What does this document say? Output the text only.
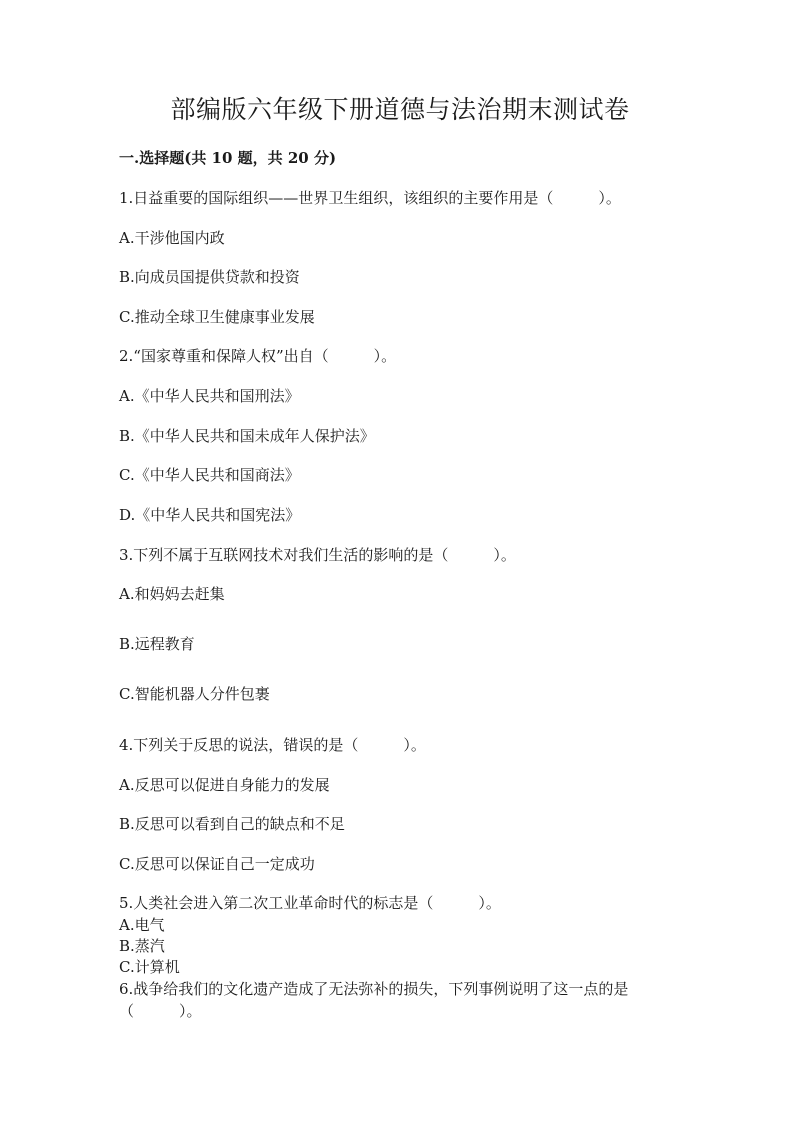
部编版六年级下册道德与法治期末测试卷
一.选择题(共 10 题，共 20 分)
1.日益重要的国际组织——世界卫生组织，该组织的主要作用是（　　　）。
A.干涉他国内政
B.向成员国提供贷款和投资
C.推动全球卫生健康事业发展
2.“国家尊重和保障人权”出自（　　　）。
A.《中华人民共和国刑法》
B.《中华人民共和国未成年人保护法》
C.《中华人民共和国商法》
D.《中华人民共和国宪法》
3.下列不属于互联网技术对我们生活的影响的是（　　　）。
A.和妈妈去赶集
B.远程教育
C.智能机器人分件包裹
4.下列关于反思的说法，错误的是（　　　）。
A.反思可以促进自身能力的发展
B.反思可以看到自己的缺点和不足
C.反思可以保证自己一定成功
5.人类社会进入第二次工业革命时代的标志是（　　　）。
A.电气
B.蒸汽
C.计算机
6.战争给我们的文化遗产造成了无法弥补的损失，下列事例说明了这一点的是（　　　）。
